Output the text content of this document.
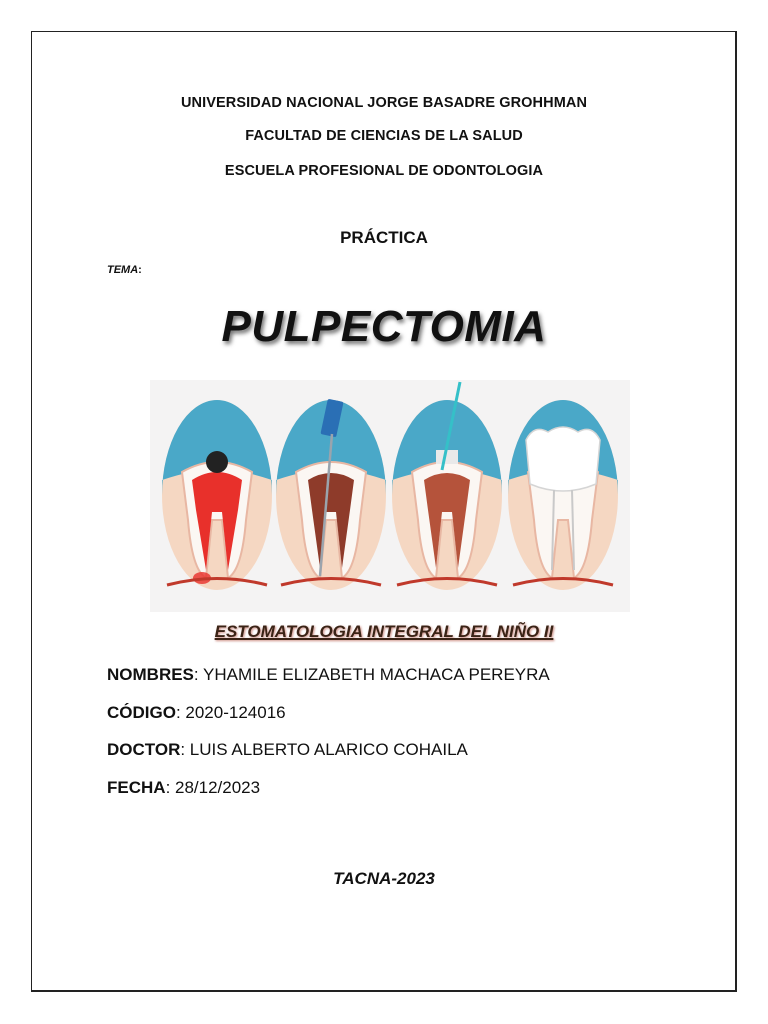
UNIVERSIDAD NACIONAL JORGE BASADRE GROHHMAN
FACULTAD DE CIENCIAS DE LA SALUD
ESCUELA PROFESIONAL DE ODONTOLOGIA
PRÁCTICA
TEMA:
PULPECTOMIA
ESTOMATOLOGIA INTEGRAL DEL NIÑO II
NOMBRES: YHAMILE ELIZABETH MACHACA PEREYRA
CÓDIGO: 2020-124016
DOCTOR: LUIS ALBERTO ALARICO COHAILA
FECHA: 28/12/2023
TACNA-2023
